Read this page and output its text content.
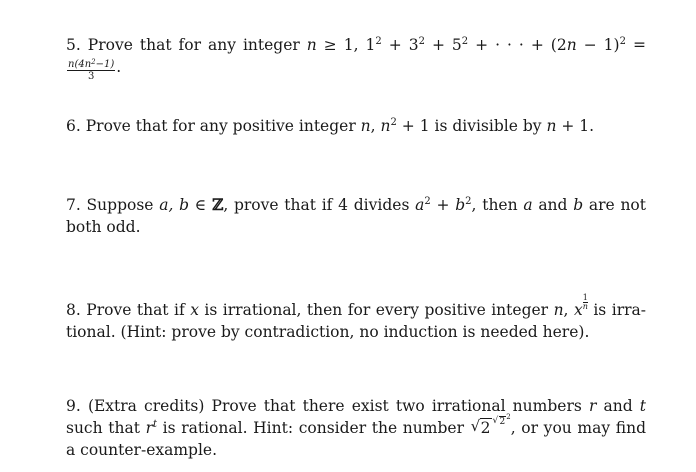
5. Prove that for any integer n ≥ 1, $1^2 + 3^2 + 5^2$ + · · · + $(2n - 1)^2$ =
$\frac{n(4n^2-1)}{3}$ .
6. Prove that for any positive integer n, $n^2 + 1$ is divisible by n + 1.
7. Suppose a, b ∈ ℤ, prove that if 4 divides $a^2 + b^2$, then a and b are not both odd.
8. Prove that if x is irrational, then for every positive integer n, x $\frac{1}{n}$ is irra-tional. (Hint: prove by contradiction, no induction is needed here).
9. (Extra credits) Prove that there exist two irrational numbers r and t such that $r^t$ is rational. Hint: consider the number √ 2 $^{√ 2^2}$, or you may find a counter-example.
